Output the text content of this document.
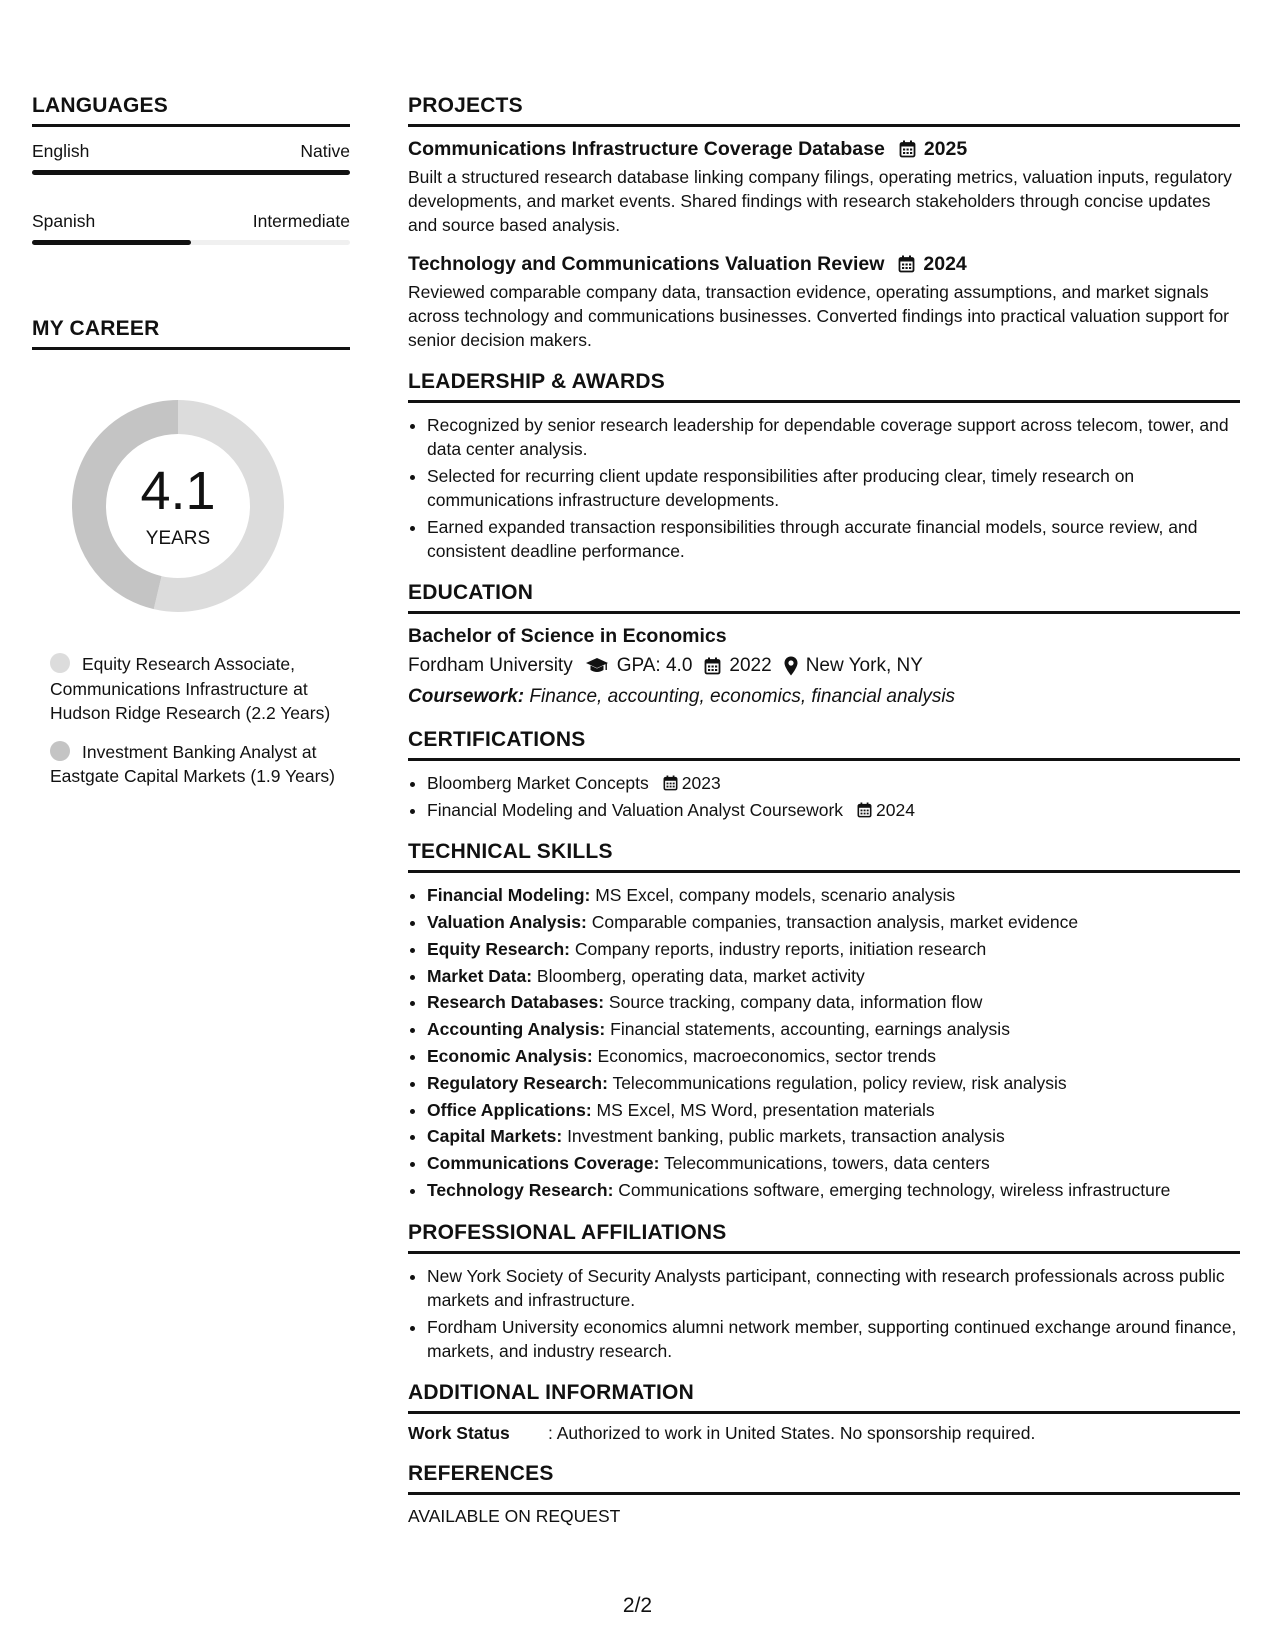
LANGUAGES
English	Native
Spanish	Intermediate
MY CAREER
4.1
YEARS
Equity Research Associate, Communications Infrastructure at Hudson Ridge Research (2.2 Years)
Investment Banking Analyst at Eastgate Capital Markets (1.9 Years)
PROJECTS
Communications Infrastructure Coverage Database 2025
Built a structured research database linking company filings, operating metrics, valuation inputs, regulatory developments, and market events. Shared findings with research stakeholders through concise updates and source based analysis.
Technology and Communications Valuation Review 2024
Reviewed comparable company data, transaction evidence, operating assumptions, and market signals across technology and communications businesses. Converted findings into practical valuation support for senior decision makers.
LEADERSHIP & AWARDS
• Recognized by senior research leadership for dependable coverage support across telecom, tower, and data center analysis.
• Selected for recurring client update responsibilities after producing clear, timely research on communications infrastructure developments.
• Earned expanded transaction responsibilities through accurate financial models, source review, and consistent deadline performance.
EDUCATION
Bachelor of Science in Economics
Fordham University GPA: 4.0 2022 New York, NY
Coursework: Finance, accounting, economics, financial analysis
CERTIFICATIONS
• Bloomberg Market Concepts 2023
• Financial Modeling and Valuation Analyst Coursework 2024
TECHNICAL SKILLS
• Financial Modeling: MS Excel, company models, scenario analysis
• Valuation Analysis: Comparable companies, transaction analysis, market evidence
• Equity Research: Company reports, industry reports, initiation research
• Market Data: Bloomberg, operating data, market activity
• Research Databases: Source tracking, company data, information flow
• Accounting Analysis: Financial statements, accounting, earnings analysis
• Economic Analysis: Economics, macroeconomics, sector trends
• Regulatory Research: Telecommunications regulation, policy review, risk analysis
• Office Applications: MS Excel, MS Word, presentation materials
• Capital Markets: Investment banking, public markets, transaction analysis
• Communications Coverage: Telecommunications, towers, data centers
• Technology Research: Communications software, emerging technology, wireless infrastructure
PROFESSIONAL AFFILIATIONS
• New York Society of Security Analysts participant, connecting with research professionals across public markets and infrastructure.
• Fordham University economics alumni network member, supporting continued exchange around finance, markets, and industry research.
ADDITIONAL INFORMATION
Work Status	: Authorized to work in United States. No sponsorship required.
REFERENCES
AVAILABLE ON REQUEST
2/2
